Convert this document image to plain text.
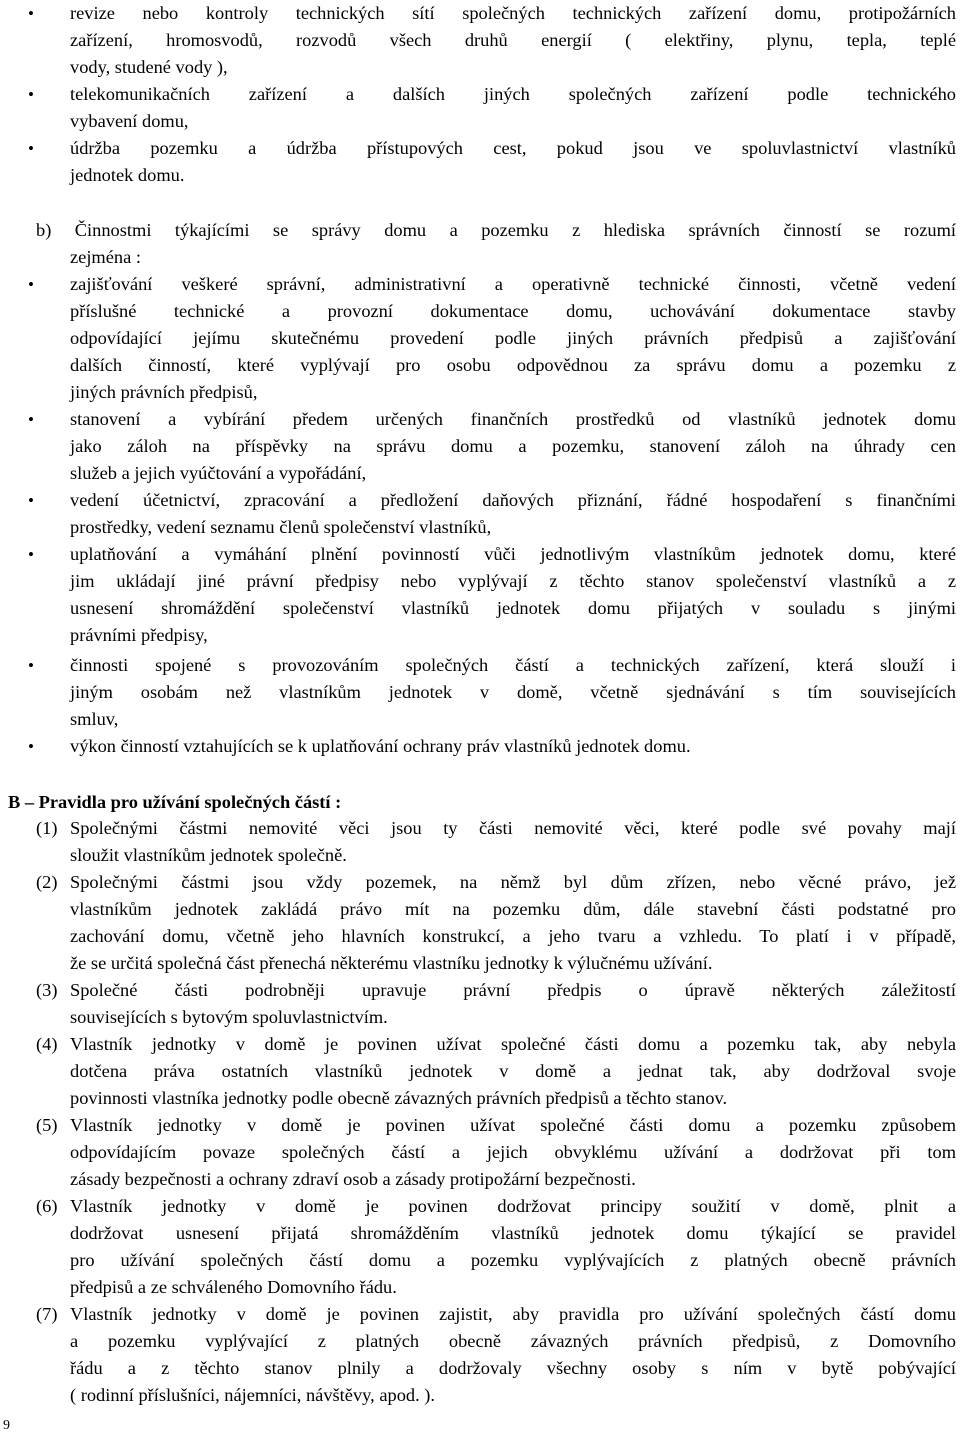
• revize nebo kontroly technických sítí společných technických zařízení domu, protipožárních
zařízení, hromosvodů, rozvodů všech druhů energií ( elektřiny, plynu, tepla, teplé
vody, studené vody ),
• telekomunikačních zařízení a dalších jiných společných zařízení podle technického
vybavení domu,
• údržba pozemku a údržba přístupových cest, pokud jsou ve spoluvlastnictví vlastníků
jednotek domu.
b) Činnostmi týkajícími se správy domu a pozemku z hlediska správních činností se rozumí
zejména :
• zajišťování veškeré správní, administrativní a operativně technické činnosti, včetně vedení
příslušné technické a provozní dokumentace domu, uchovávání dokumentace stavby
odpovídající jejímu skutečnému provedení podle jiných právních předpisů a zajišťování
dalších činností, které vyplývají pro osobu odpovědnou za správu domu a pozemku z
jiných právních předpisů,
• stanovení a vybírání předem určených finančních prostředků od vlastníků jednotek domu
jako záloh na příspěvky na správu domu a pozemku, stanovení záloh na úhrady cen
služeb a jejich vyúčtování a vypořádání,
• vedení účetnictví, zpracování a předložení daňových přiznání, řádné hospodaření s finančními
prostředky, vedení seznamu členů společenství vlastníků,
• uplatňování a vymáhání plnění povinností vůči jednotlivým vlastníkům jednotek domu, které
jim ukládají jiné právní předpisy nebo vyplývají z těchto stanov společenství vlastníků a z
usnesení shromáždění společenství vlastníků jednotek domu přijatých v souladu s jinými
právními předpisy,
• činnosti spojené s provozováním společných částí a technických zařízení, která slouží i
jiným osobám než vlastníkům jednotek v domě, včetně sjednávání s tím souvisejících
smluv,
• výkon činností vztahujících se k uplatňování ochrany práv vlastníků jednotek domu.
B – Pravidla pro užívání společných částí :
(1) Společnými částmi nemovité věci jsou ty části nemovité věci, které podle své povahy mají
sloužit vlastníkům jednotek společně.
(2) Společnými částmi jsou vždy pozemek, na němž byl dům zřízen, nebo věcné právo, jež
vlastníkům jednotek zakládá právo mít na pozemku dům, dále stavební části podstatné pro
zachování domu, včetně jeho hlavních konstrukcí, a jeho tvaru a vzhledu. To platí i v případě,
že se určitá společná část přenechá některému vlastníku jednotky k výlučnému užívání.
(3) Společné části podrobněji upravuje právní předpis o úpravě některých záležitostí
souvisejících s bytovým spoluvlastnictvím.
(4) Vlastník jednotky v domě je povinen užívat společné části domu a pozemku tak, aby nebyla
dotčena práva ostatních vlastníků jednotek v domě a jednat tak, aby dodržoval svoje
povinnosti vlastníka jednotky podle obecně závazných právních předpisů a těchto stanov.
(5) Vlastník jednotky v domě je povinen užívat společné části domu a pozemku způsobem
odpovídajícím povaze společných částí a jejich obvyklému užívání a dodržovat při tom
zásady bezpečnosti a ochrany zdraví osob a zásady protipožární bezpečnosti.
(6) Vlastník jednotky v domě je povinen dodržovat principy soužití v domě, plnit a
dodržovat usnesení přijatá shromážděním vlastníků jednotek domu týkající se pravidel
pro užívání společných částí domu a pozemku vyplývajících z platných obecně právních
předpisů a ze schváleného Domovního řádu.
(7) Vlastník jednotky v domě je povinen zajistit, aby pravidla pro užívání společných částí domu
a pozemku vyplývající z platných obecně závazných právních předpisů, z Domovního
řádu a z těchto stanov plnily a dodržovaly všechny osoby s ním v bytě pobývající
( rodinní příslušníci, nájemníci, návštěvy, apod. ).
9
